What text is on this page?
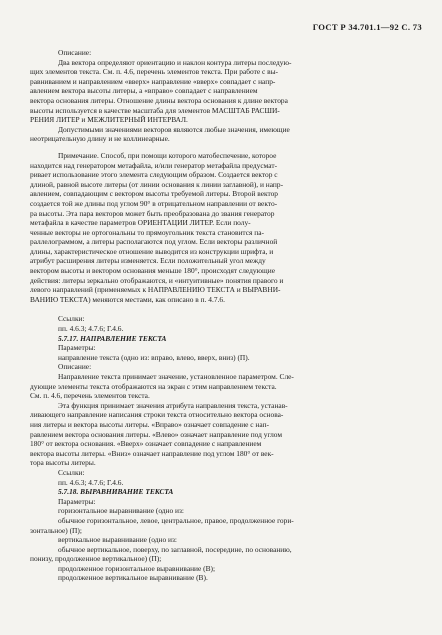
ГОСТ Р 34.701.1—92 С. 73
Описание:
Два вектора определяют ориентацию и наклон контура литеры последую-
щих элементов текста. См. п. 4.6, перечень элементов текста. При работе с вы-
равниванием и направлением «вверх» направление «вверх» совпадает с напр-
авлением вектора высоты литеры, а «вправо» совпадает с направлением
вектора основания литеры. Отношение длины вектора основания к длине вектора
высоты используется в качестве масштаба для элементов МАСШТАБ РАСШИ-
РЕНИЯ ЛИТЕР и МЕЖЛИТЕРНЫЙ ИНТЕРВАЛ.
Допустимыми значениями векторов являются любые значения, имеющие
неотрицательную длину и не коллинеарные.
Примечание. Способ, при помощи которого матобеспечение, которое
находится над генератором метафайла, и/или генератор метафайла предусмат-
ривает использование этого элемента следующим образом. Создается вектор с
длиной, равной высоте литеры (от линии основания к линии заглавной), и напр-
авлением, совпадающим с вектором высоты требуемой литеры. Второй вектор
создается той же длины под углом 90° в отрицательном направлении от векто-
ра высоты. Эта пара векторов может быть преобразована до звания генератор
метафайла в качестве параметров ОРИЕНТАЦИИ ЛИТЕР. Если полу-
ченные векторы не ортогональны то прямоугольник текста становится па-
раллелограммом, а литеры располагаются под углом. Если векторы различной
длины, характеристическое отношение выводится из конструкции шрифта, и
атрибут расширения литеры изменяется. Если положительный угол между
вектором высоты и вектором основания меньше 180°, происходят следующие
действия: литеры зеркально отображаются, и «интуитивные» понятия правого и
левого направлений (применяемых к НАПРАВЛЕНИЮ ТЕКСТА и ВЫРАВНИ-
ВАНИЮ ТЕКСТА) меняются местами, как описано в п. 4.7.6.
Ссылки:
пп. 4.6.3; 4.7.6; Г.4.6.
5.7.17. НАПРАВЛЕНИЕ ТЕКСТА
Параметры:
направление текста (одно из: вправо, влево, вверх, вниз) (П).
Описание:
Направление текста принимает значение, установленное параметром. Сле-
дующие элементы текста отображаются на экран с этим направлением текста.
См. п. 4.6, перечень элементов текста.
Эта функция принимает значения атрибута направления текста, устанав-
ливающего направление написания строки текста относительно вектора основа-
ния литеры и вектора высоты литеры. «Вправо» означает совпадение с нап-
равлением вектора основания литеры. «Влево» означает направление под углом
180° от вектора основания. «Вверх» означает совпадение с направлением
вектора высоты литеры. «Вниз» означает направление под углом 180° от век-
тора высоты литеры.
Ссылки:
пп. 4.6.3; 4.7.6; Г.4.6.
5.7.18. ВЫРАВНИВАНИЕ ТЕКСТА
Параметры:
горизонтальное выравнивание (одно из:
обычное горизонтальное, левое, центральное, правое, продолженное гори-
зонтальное) (П);
вертикальное выравнивание (одно из:
обычное вертикальное, поверху, по заглавной, посередине, по основанию,
понизу, продолженное вертикальное) (П);
продолженное горизонтальное выравнивание (В);
продолженное вертикальное выравнивание (В).
